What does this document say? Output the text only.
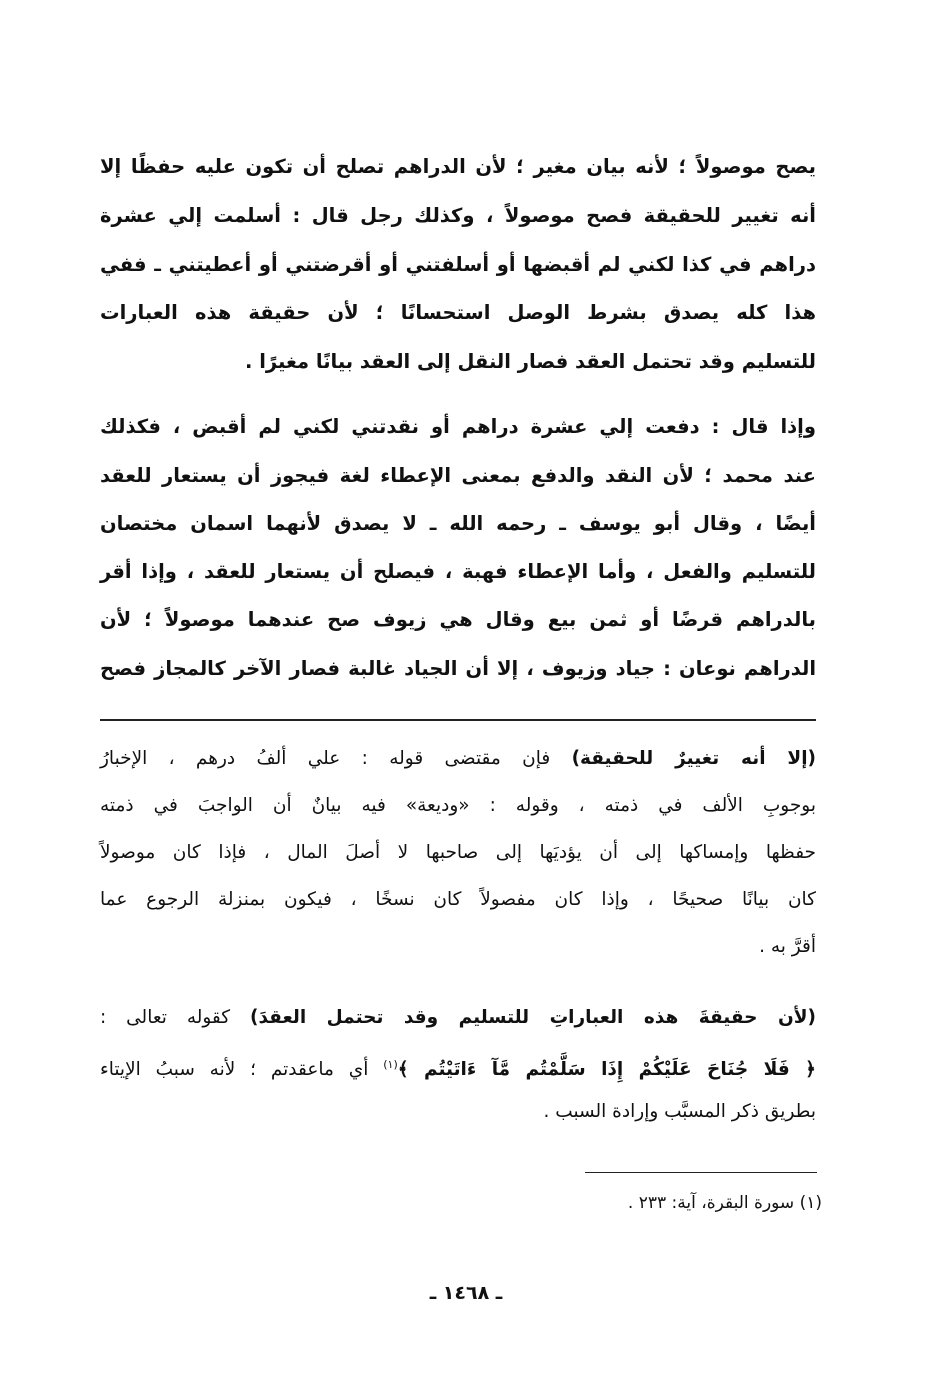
يصح موصولاً ؛ لأنه بيان مغير ؛ لأن الدراهم تصلح أن تكون عليه حفظًا إلا
أنه تغيير للحقيقة فصح موصولاً ، وكذلك رجل قال : أسلمت إلي عشرة
دراهم في كذا لكني لم أقبضها أو أسلفتني أو أقرضتني أو أعطيتني ـ ففي
هذا كله يصدق بشرط الوصل استحسانًا ؛ لأن حقيقة هذه العبارات
للتسليم وقد تحتمل العقد فصار النقل إلى العقد بيانًا مغيرًا .
وإذا قال : دفعت إلي عشرة دراهم أو نقدتني لكني لم أقبض ، فكذلك
عند محمد ؛ لأن النقد والدفع بمعنى الإعطاء لغة فيجوز أن يستعار للعقد
أيضًا ، وقال أبو يوسف ـ رحمه الله ـ لا يصدق لأنهما اسمان مختصان
للتسليم والفعل ، وأما الإعطاء فهبة ، فيصلح أن يستعار للعقد ، وإذا أقر
بالدراهم قرضًا أو ثمن بيع وقال هي زيوف صح عندهما موصولاً ؛ لأن
الدراهم نوعان : جياد وزيوف ، إلا أن الجياد غالبة فصار الآخر كالمجاز فصح
(إلا أنه تغييرٌ للحقيقة) فإن مقتضى قوله : علي ألفُ درهم ، الإخبارُ
بوجوبِ الألف في ذمته ، وقوله : «وديعة» فيه بيانٌ أن الواجبَ في ذمته
حفظها وإمساكها إلى أن يؤديَها إلى صاحبها لا أصلَ المال ، فإذا كان موصولاً
كان بيانًا صحيحًا ، وإذا كان مفصولاً كان نسخًا ، فيكون بمنزلة الرجوع عما
أقرَّ به .
(لأن حقيقةَ هذه العباراتِ للتسليم وقد تحتمل العقدَ) كقوله تعالى :
﴿ فَلَا جُنَاحَ عَلَيْكُمْ إِذَا سَلَّمْتُم مَّآ ءَاتَيْتُم ﴾$^{(١)}$ أي ماعقدتم ؛ لأنه سببُ الإيتاء
بطريق ذكر المسبَّب وإرادة السبب .
(١) سورة البقرة، آية: ٢٣٣ .
ـ ١٤٦٨ ـ
